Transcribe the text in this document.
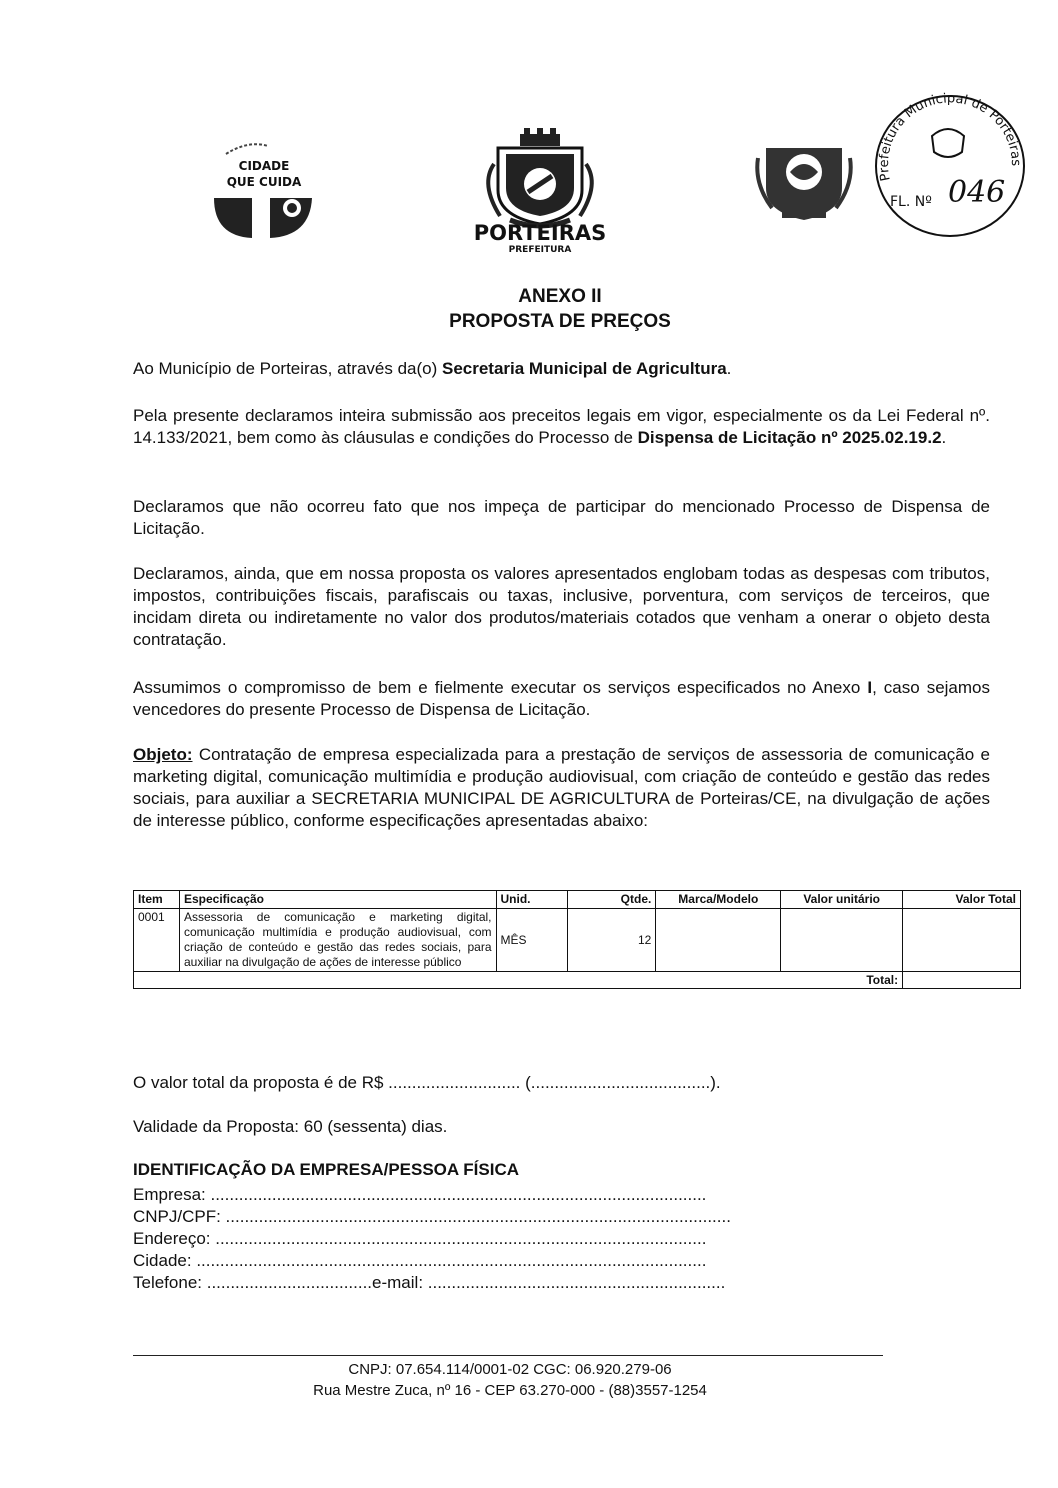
CIDADE
QUE CUIDA
PORTEIRAS
PREFEITURA
Prefeitura Municipal de Porteiras
FL. Nº 046
ANEXO II
PROPOSTA DE PREÇOS
Ao Município de Porteiras, através da(o) Secretaria Municipal de Agricultura.
Pela presente declaramos inteira submissão aos preceitos legais em vigor, especialmente os da Lei Federal nº. 14.133/2021, bem como às cláusulas e condições do Processo de Dispensa de Licitação nº 2025.02.19.2.
Declaramos que não ocorreu fato que nos impeça de participar do mencionado Processo de Dispensa de Licitação.
Declaramos, ainda, que em nossa proposta os valores apresentados englobam todas as despesas com tributos, impostos, contribuições fiscais, parafiscais ou taxas, inclusive, porventura, com serviços de terceiros, que incidam direta ou indiretamente no valor dos produtos/materiais cotados que venham a onerar o objeto desta contratação.
Assumimos o compromisso de bem e fielmente executar os serviços especificados no Anexo I, caso sejamos vencedores do presente Processo de Dispensa de Licitação.
Objeto: Contratação de empresa especializada para a prestação de serviços de assessoria de comunicação e marketing digital, comunicação multimídia e produção audiovisual, com criação de conteúdo e gestão das redes sociais, para auxiliar a SECRETARIA MUNICIPAL DE AGRICULTURA de Porteiras/CE, na divulgação de ações de interesse público, conforme especificações apresentadas abaixo:
Item	Especificação	Unid.	Qtde.	Marca/Modelo	Valor unitário	Valor Total
0001	Assessoria de comunicação e marketing digital, comunicação multimídia e produção audiovisual, com criação de conteúdo e gestão das redes sociais, para auxiliar na divulgação de ações de interesse público	MÊS	12			
Total:						
O valor total da proposta é de R$ ............................ (......................................).
Validade da Proposta: 60 (sessenta) dias.
IDENTIFICAÇÃO DA EMPRESA/PESSOA FÍSICA
Empresa: .........................................................................................................
CNPJ/CPF: ...........................................................................................................
Endereço: ........................................................................................................
Cidade: ............................................................................................................
Telefone: ...................................e-mail: ...............................................................
CNPJ: 07.654.114/0001-02 CGC: 06.920.279-06
Rua Mestre Zuca, nº 16 - CEP 63.270-000 - (88)3557-1254
